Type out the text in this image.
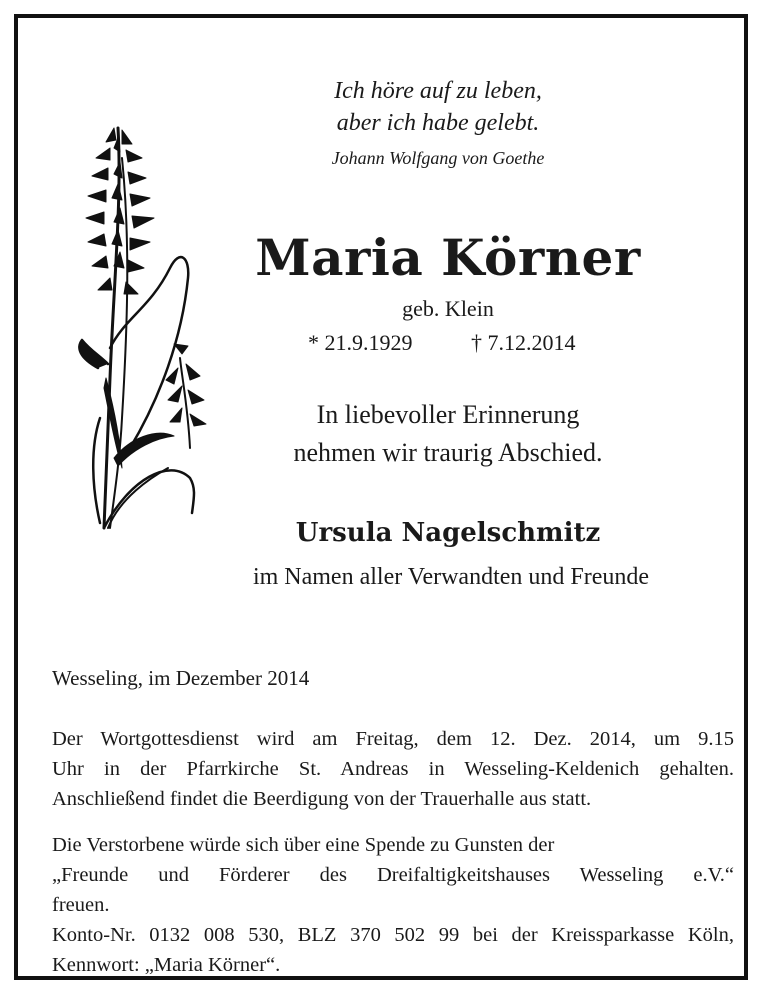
Ich höre auf zu leben,
aber ich habe gelebt.
Johann Wolfgang von Goethe
Maria Körner
geb. Klein
* 21.9.1929	† 7.12.2014
In liebevoller Erinnerung
nehmen wir traurig Abschied.
Ursula Nagelschmitz
im Namen aller Verwandten und Freunde
Wesseling, im Dezember 2014
Der Wortgottesdienst wird am Freitag, dem 12. Dez. 2014, um 9.15
Uhr in der Pfarrkirche St. Andreas in Wesseling-Keldenich gehalten.
Anschließend findet die Beerdigung von der Trauerhalle aus statt.
Die Verstorbene würde sich über eine Spende zu Gunsten der
„Freunde und Förderer des Dreifaltigkeitshauses Wesseling e.V.“
freuen.
Konto-Nr. 0132 008 530, BLZ 370 502 99 bei der Kreissparkasse Köln,
Kennwort: „Maria Körner“.
